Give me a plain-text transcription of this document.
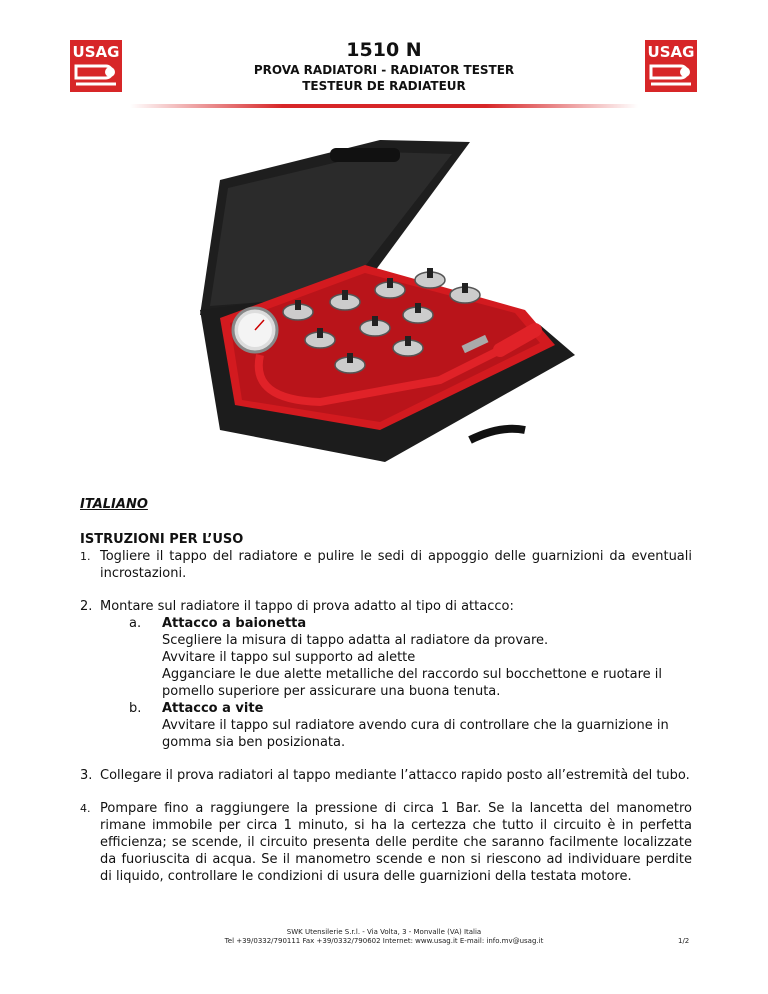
USAG	USAG
1510 N
PROVA RADIATORI - RADIATOR TESTER
TESTEUR DE RADIATEUR
ITALIANO
ISTRUZIONI PER L’USO
1. Togliere il tappo del radiatore e pulire le sedi di appoggio delle guarnizioni da eventuali incrostazioni.
2. Montare sul radiatore il tappo di prova adatto al tipo di attacco:
a.	Attacco a baionetta
Scegliere la misura di tappo adatta al radiatore da provare.
Avvitare il tappo sul supporto ad alette
Agganciare le due alette metalliche del raccordo sul bocchettone e ruotare il pomello superiore per assicurare una buona tenuta.
b.	Attacco a vite
Avvitare il tappo sul radiatore avendo cura di controllare che la guarnizione in gomma sia ben posizionata.
3. Collegare il prova radiatori al tappo mediante l’attacco rapido posto all’estremità del tubo.
4. Pompare fino a raggiungere la pressione di circa 1 Bar. Se la lancetta del manometro rimane immobile per circa 1 minuto, si ha la certezza che tutto il circuito è in perfetta efficienza; se scende, il circuito presenta delle perdite che saranno facilmente localizzate da fuoriuscita di acqua. Se il manometro scende e non si riescono ad individuare perdite di liquido, controllare le condizioni di usura delle guarnizioni della testata motore.
SWK Utensilerie S.r.l. - Via Volta, 3 - Monvalle (VA) Italia
Tel +39/0332/790111 Fax +39/0332/790602 Internet: www.usag.it E-mail: info.mv@usag.it	1/2
